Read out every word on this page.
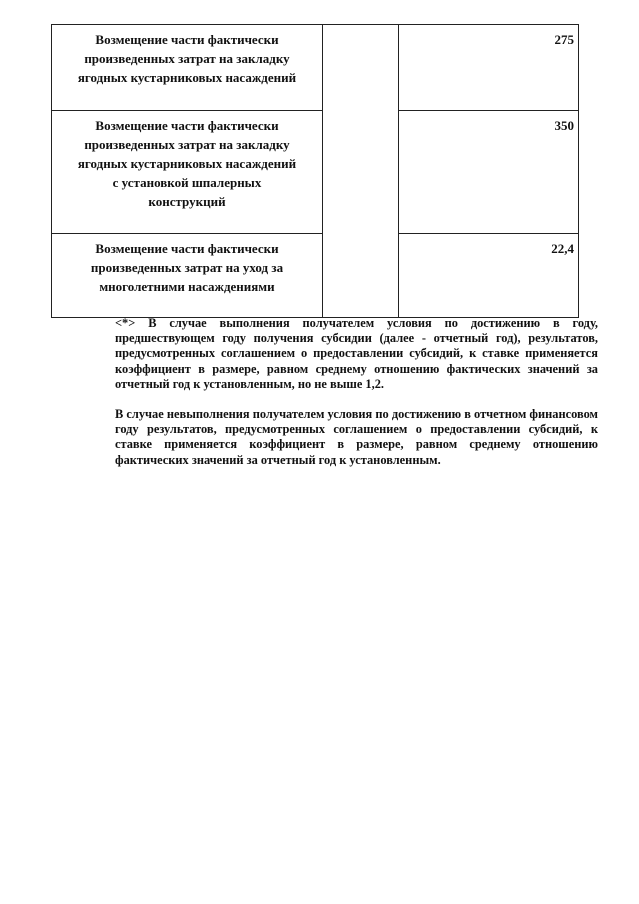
Возмещение части фактически
произведенных затрат на закладку
ягодных кустарниковых насаждений		275

Возмещение части фактически
произведенных затрат на закладку
ягодных кустарниковых насаждений
с установкой шпалерных
конструкций		350

Возмещение части фактически
произведенных затрат на уход за
многолетними насаждениями		22,4

<*> В случае выполнения получателем условия по достижению в году, предшествующем году получения субсидии (далее - отчетный год), результатов, предусмотренных соглашением о предоставлении субсидий, к ставке применяется коэффициент в размере, равном среднему отношению фактических значений за отчетный год к установленным, но не выше 1,2.

В случае невыполнения получателем условия по достижению в отчетном финансовом году результатов, предусмотренных соглашением о предоставлении субсидий, к ставке применяется коэффициент в размере, равном среднему отношению фактических значений за отчетный год к установленным.
